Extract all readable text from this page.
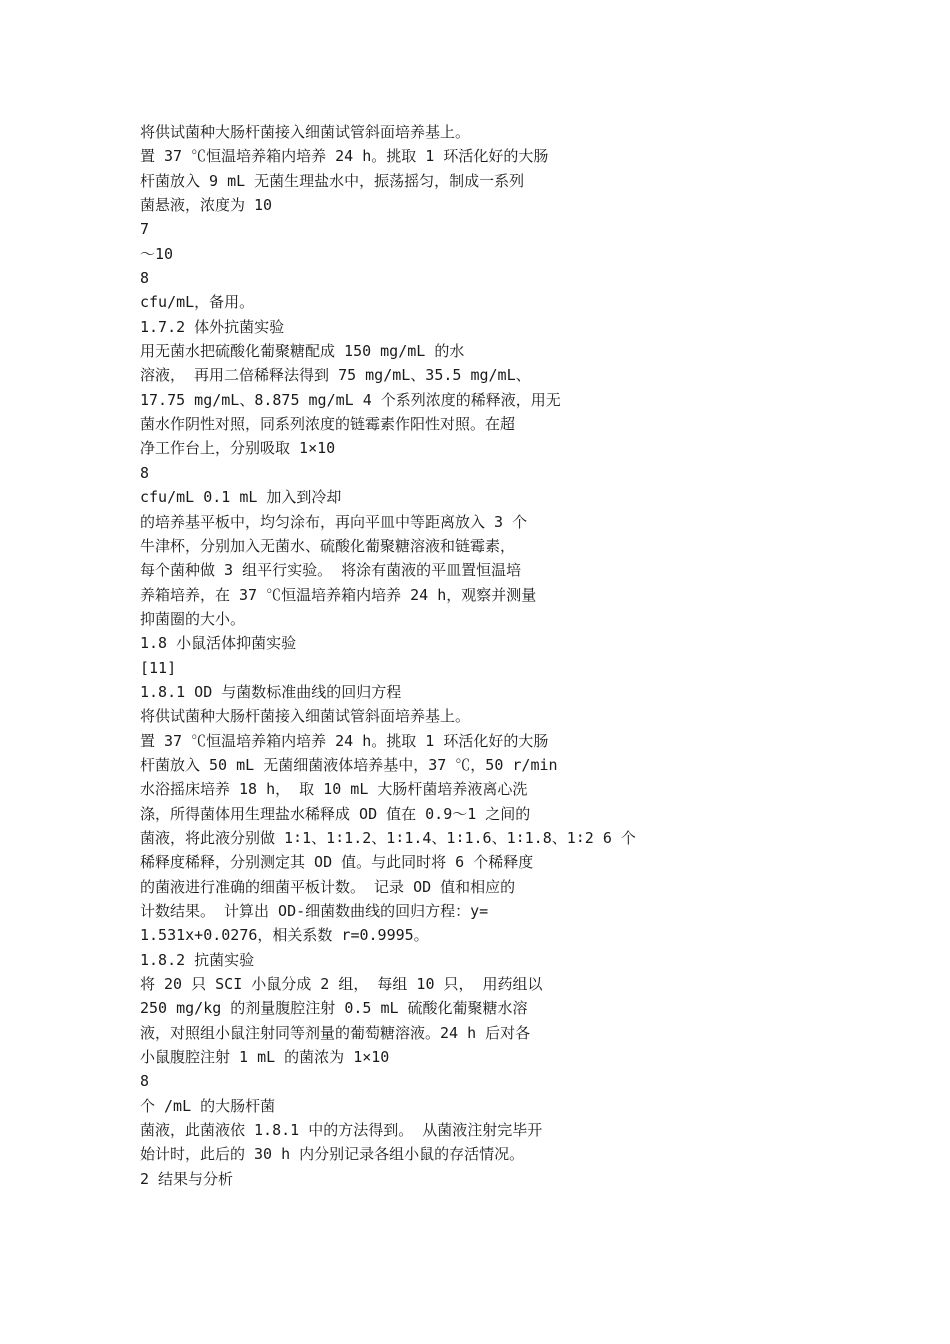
将供试菌种大肠杆菌接入细菌试管斜面培养基上。
置 37 ℃恒温培养箱内培养 24 h。挑取 1 环活化好的大肠
杆菌放入 9 mL 无菌生理盐水中，振荡摇匀，制成一系列
菌悬液，浓度为 10
7
～10
8
cfu/mL，备用。
1.7.2 体外抗菌实验
用无菌水把硫酸化葡聚糖配成 150 mg/mL 的水
溶液， 再用二倍稀释法得到 75 mg/mL、35.5 mg/mL、
17.75 mg/mL、8.875 mg/mL 4 个系列浓度的稀释液，用无
菌水作阴性对照，同系列浓度的链霉素作阳性对照。在超
净工作台上，分别吸取 1×10
8
cfu/mL 0.1 mL 加入到冷却
的培养基平板中，均匀涂布，再向平皿中等距离放入 3 个
牛津杯，分别加入无菌水、硫酸化葡聚糖溶液和链霉素，
每个菌种做 3 组平行实验。 将涂有菌液的平皿置恒温培
养箱培养，在 37 ℃恒温培养箱内培养 24 h，观察并测量
抑菌圈的大小。
1.8 小鼠活体抑菌实验
[11]
1.8.1 OD 与菌数标准曲线的回归方程
将供试菌种大肠杆菌接入细菌试管斜面培养基上。
置 37 ℃恒温培养箱内培养 24 h。挑取 1 环活化好的大肠
杆菌放入 50 mL 无菌细菌液体培养基中，37 ℃，50 r/min
水浴摇床培养 18 h， 取 10 mL 大肠杆菌培养液离心洗
涤，所得菌体用生理盐水稀释成 OD 值在 0.9～1 之间的
菌液，将此液分别做 1∶1、1∶1.2、1∶1.4、1∶1.6、1∶1.8、1∶2 6 个
稀释度稀释，分别测定其 OD 值。与此同时将 6 个稀释度
的菌液进行准确的细菌平板计数。 记录 OD 值和相应的
计数结果。 计算出 OD-细菌数曲线的回归方程：y=
1.531x+0.0276，相关系数 r=0.9995。
1.8.2 抗菌实验
将 20 只 SCI 小鼠分成 2 组， 每组 10 只， 用药组以
250 mg/kg 的剂量腹腔注射 0.5 mL 硫酸化葡聚糖水溶
液，对照组小鼠注射同等剂量的葡萄糖溶液。24 h 后对各
小鼠腹腔注射 1 mL 的菌浓为 1×10
8
个 /mL 的大肠杆菌
菌液，此菌液依 1.8.1 中的方法得到。 从菌液注射完毕开
始计时，此后的 30 h 内分别记录各组小鼠的存活情况。
2 结果与分析
